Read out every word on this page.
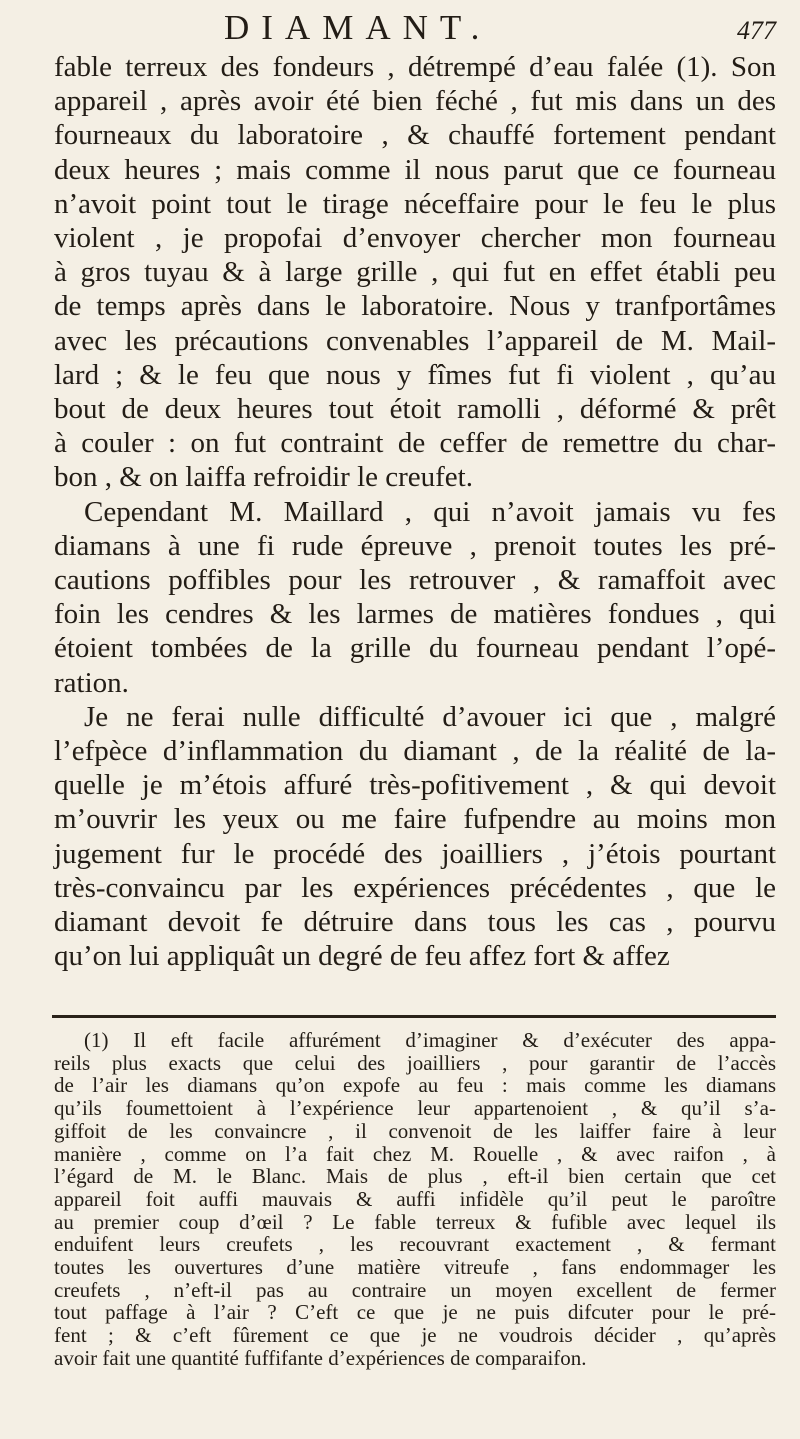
DIAMANT.	477
fable terreux des fondeurs , détrempé d’eau falée (1). Son
appareil , après avoir été bien féché , fut mis dans un des
fourneaux du laboratoire , & chauffé fortement pendant
deux heures ; mais comme il nous parut que ce fourneau
n’avoit point tout le tirage néceffaire pour le feu le plus
violent , je propofai d’envoyer chercher mon fourneau
à gros tuyau & à large grille , qui fut en effet établi peu
de temps après dans le laboratoire. Nous y tranfportâmes
avec les précautions convenables l’appareil de M. Mail-
lard ; & le feu que nous y fîmes fut fi violent , qu’au
bout de deux heures tout étoit ramolli , déformé & prêt
à couler : on fut contraint de ceffer de remettre du char-
bon , & on laiffa refroidir le creufet.
Cependant M. Maillard , qui n’avoit jamais vu fes
diamans à une fi rude épreuve , prenoit toutes les pré-
cautions poffibles pour les retrouver , & ramaffoit avec
foin les cendres & les larmes de matières fondues , qui
étoient tombées de la grille du fourneau pendant l’opé-
ration.
Je ne ferai nulle difficulté d’avouer ici que , malgré
l’efpèce d’inflammation du diamant , de la réalité de la-
quelle je m’étois affuré très-pofitivement , & qui devoit
m’ouvrir les yeux ou me faire fufpendre au moins mon
jugement fur le procédé des joailliers , j’étois pourtant
très-convaincu par les expériences précédentes , que le
diamant devoit fe détruire dans tous les cas , pourvu
qu’on lui appliquât un degré de feu affez fort & affez
(1) Il eft facile affurément d’imaginer & d’exécuter des appa-
reils plus exacts que celui des joailliers , pour garantir de l’accès
de l’air les diamans qu’on expofe au feu : mais comme les diamans
qu’ils foumettoient à l’expérience leur appartenoient , & qu’il s’a-
giffoit de les convaincre , il convenoit de les laiffer faire à leur
manière , comme on l’a fait chez M. Rouelle , & avec raifon , à
l’égard de M. le Blanc. Mais de plus , eft-il bien certain que cet
appareil foit auffi mauvais & auffi infidèle qu’il peut le paroître
au premier coup d’œil ? Le fable terreux & fufible avec lequel ils
enduifent leurs creufets , les recouvrant exactement , & fermant
toutes les ouvertures d’une matière vitreufe , fans endommager les
creufets , n’eft-il pas au contraire un moyen excellent de fermer
tout paffage à l’air ? C’eft ce que je ne puis difcuter pour le pré-
fent ; & c’eft fûrement ce que je ne voudrois décider , qu’après
avoir fait une quantité fuffifante d’expériences de comparaifon.
